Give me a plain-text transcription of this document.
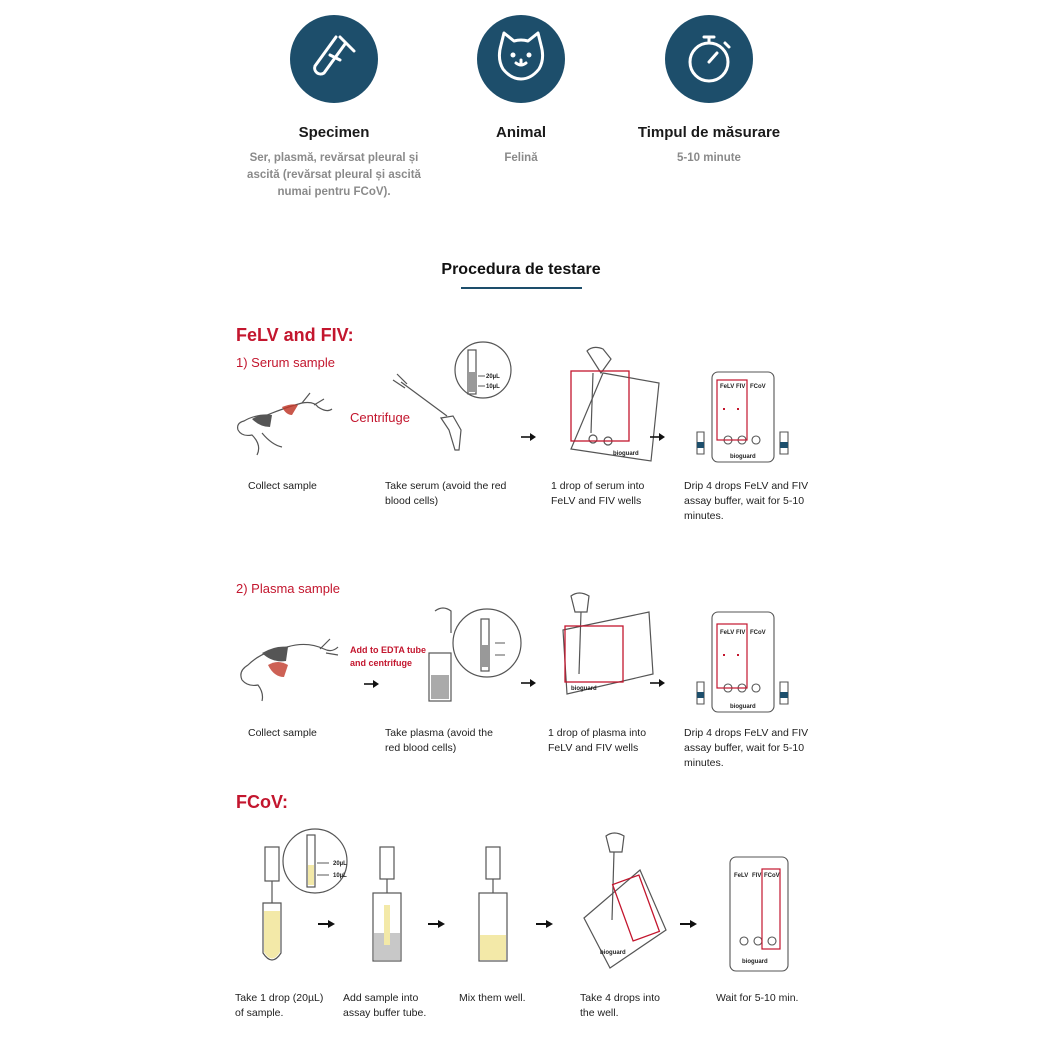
Specimen
Ser, plasmă, revărsat pleural și ascită (revărsat pleural și ascită numai pentru FCoV).
Animal
Felină
Timpul de măsurare
5-10 minute
Procedura de testare
FeLV and FIV:
1) Serum sample
Centrifuge
20µL
10µL
bioguard
FeLV FIV FCoV
bioguard
Collect sample	Take serum (avoid the red blood cells)
1 drop of serum into FeLV and FIV wells
Drip 4 drops FeLV and FIV assay buffer, wait for 5-10 minutes.
2) Plasma sample
Add to EDTA tube and centrifuge
bioguard
FeLV FIV FCoV
bioguard
Collect sample	Take plasma (avoid the red blood cells)
1 drop of plasma into FeLV and FIV wells
Drip 4 drops FeLV and FIV assay buffer, wait for 5-10 minutes.
FCoV:
20µL
10µL
bioguard
FeLV FIV FCoV
bioguard
Take 1 drop (20µL) of sample.
Add sample into assay buffer tube.
Mix them well.	Take 4 drops into the well.
Wait for 5-10 min.
